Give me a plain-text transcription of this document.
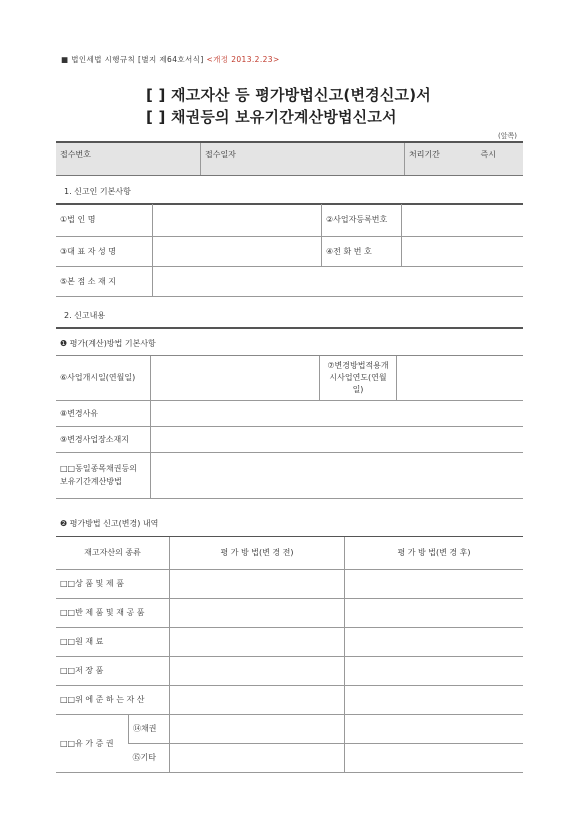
■ 법인세법 시행규칙 [별지 제64호서식] <개정 2013.2.23>
[ ] 재고자산 등 평가방법신고(변경신고)서
[ ] 채권등의 보유기간계산방법신고서
(앞쪽)
접수번호	접수일자	처리기간	즉시
1. 신고인 기본사항
①법 인 명		②사업자등록번호	
③대 표 자 성 명		④전 화 번 호	
⑤본 점 소 재 지			
2. 신고내용
❶ 평가(계산)방법 기본사항
⑥사업개시일(연월일)		⑦변경방법적용개시사업연도(연월일)	
⑧변경사유			
⑨변경사업장소재지			
□□동일종목채권등의 보유기간계산방법			
❷ 평가방법 신고(변경) 내역
재고자산의 종류		평 가 방 법(변 경 전)	평 가 방 법(변 경 후)
□□상 품 및 제 품			
□□반 제 품 및 재 공 품			
□□원 재 료			
□□저 장 품			
□□위 에 준 하 는 자 산			
□□유 가 증 권	⑭채권		
	⑮기타		
